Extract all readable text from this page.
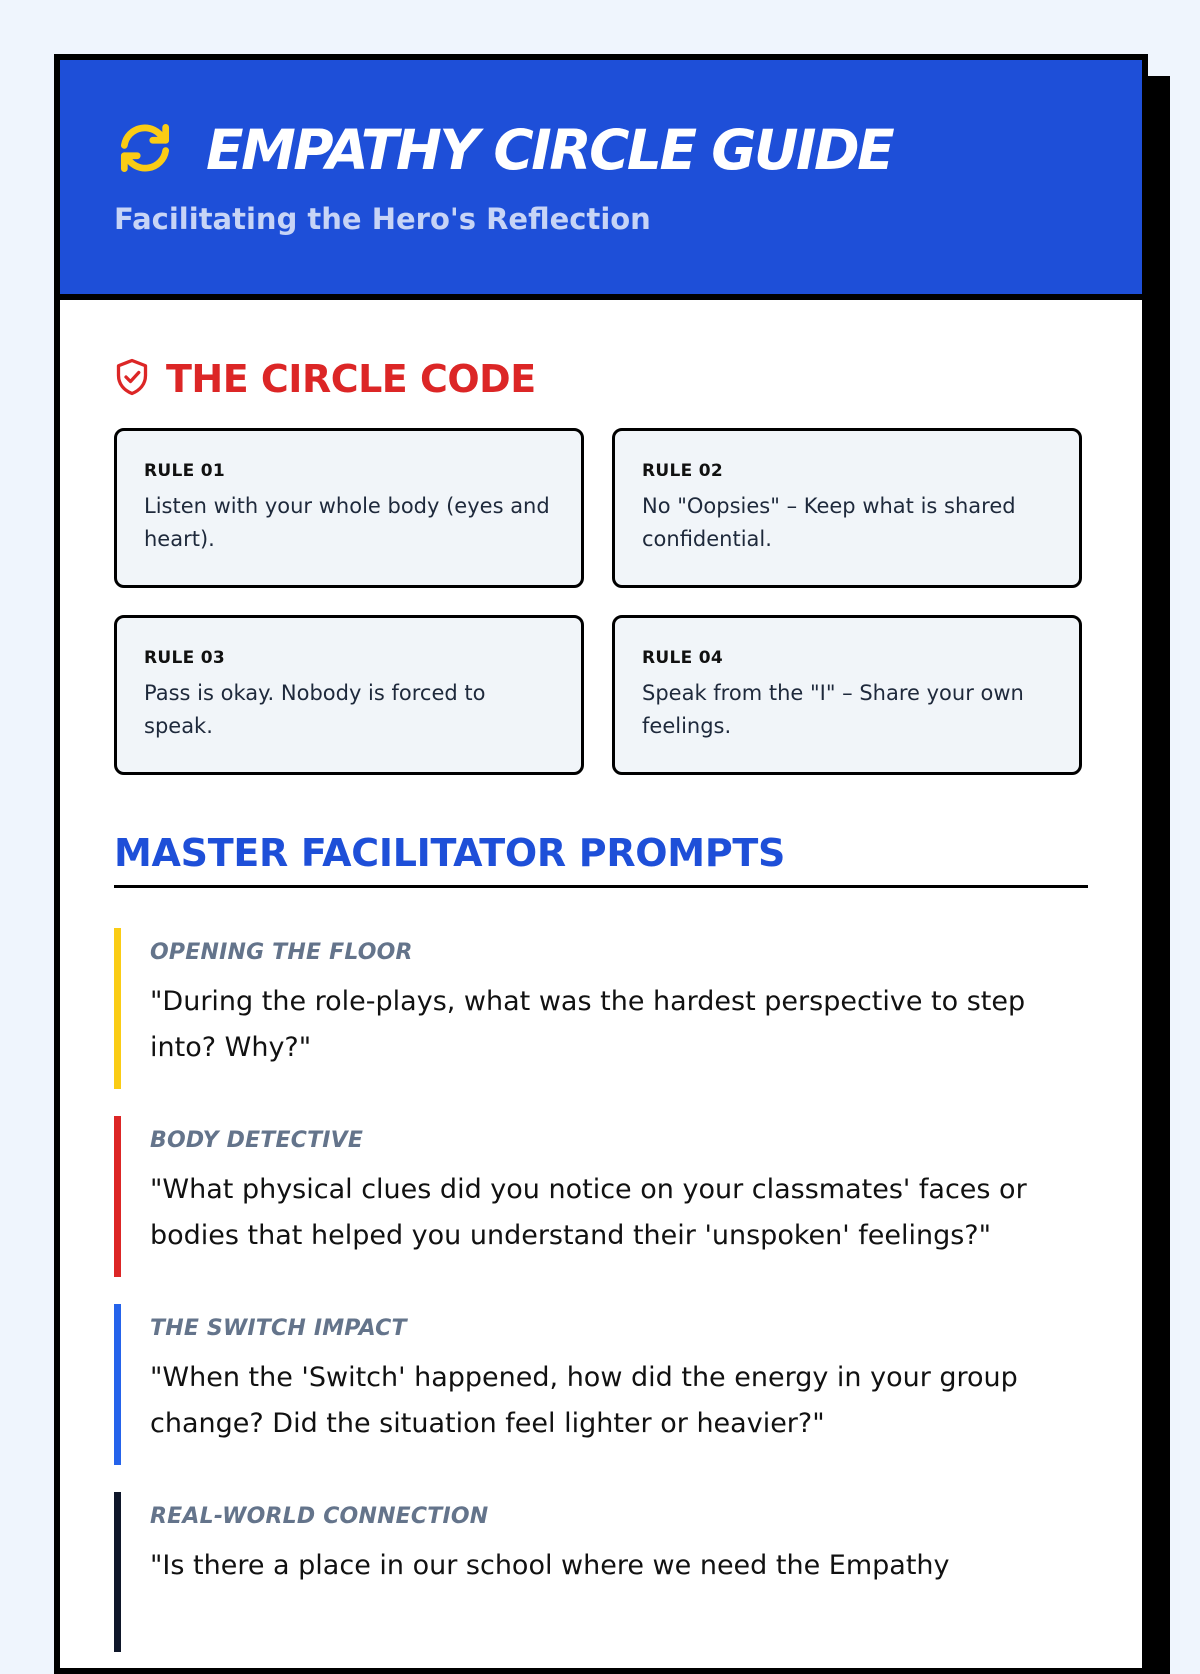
EMPATHY CIRCLE GUIDE
Facilitating the Hero's Reflection
THE CIRCLE CODE
RULE 01
Listen with your whole body (eyes and heart).
RULE 02
No "Oopsies" – Keep what is shared confidential.
RULE 03
Pass is okay. Nobody is forced to speak.
RULE 04
Speak from the "I" – Share your own feelings.
MASTER FACILITATOR PROMPTS
OPENING THE FLOOR
"During the role-plays, what was the hardest perspective to step into? Why?"
BODY DETECTIVE
"What physical clues did you notice on your classmates' faces or bodies that helped you understand their 'unspoken' feelings?"
THE SWITCH IMPACT
"When the 'Switch' happened, how did the energy in your group change? Did the situation feel lighter or heavier?"
REAL-WORLD CONNECTION
"Is there a place in our school where we need the Empathy
